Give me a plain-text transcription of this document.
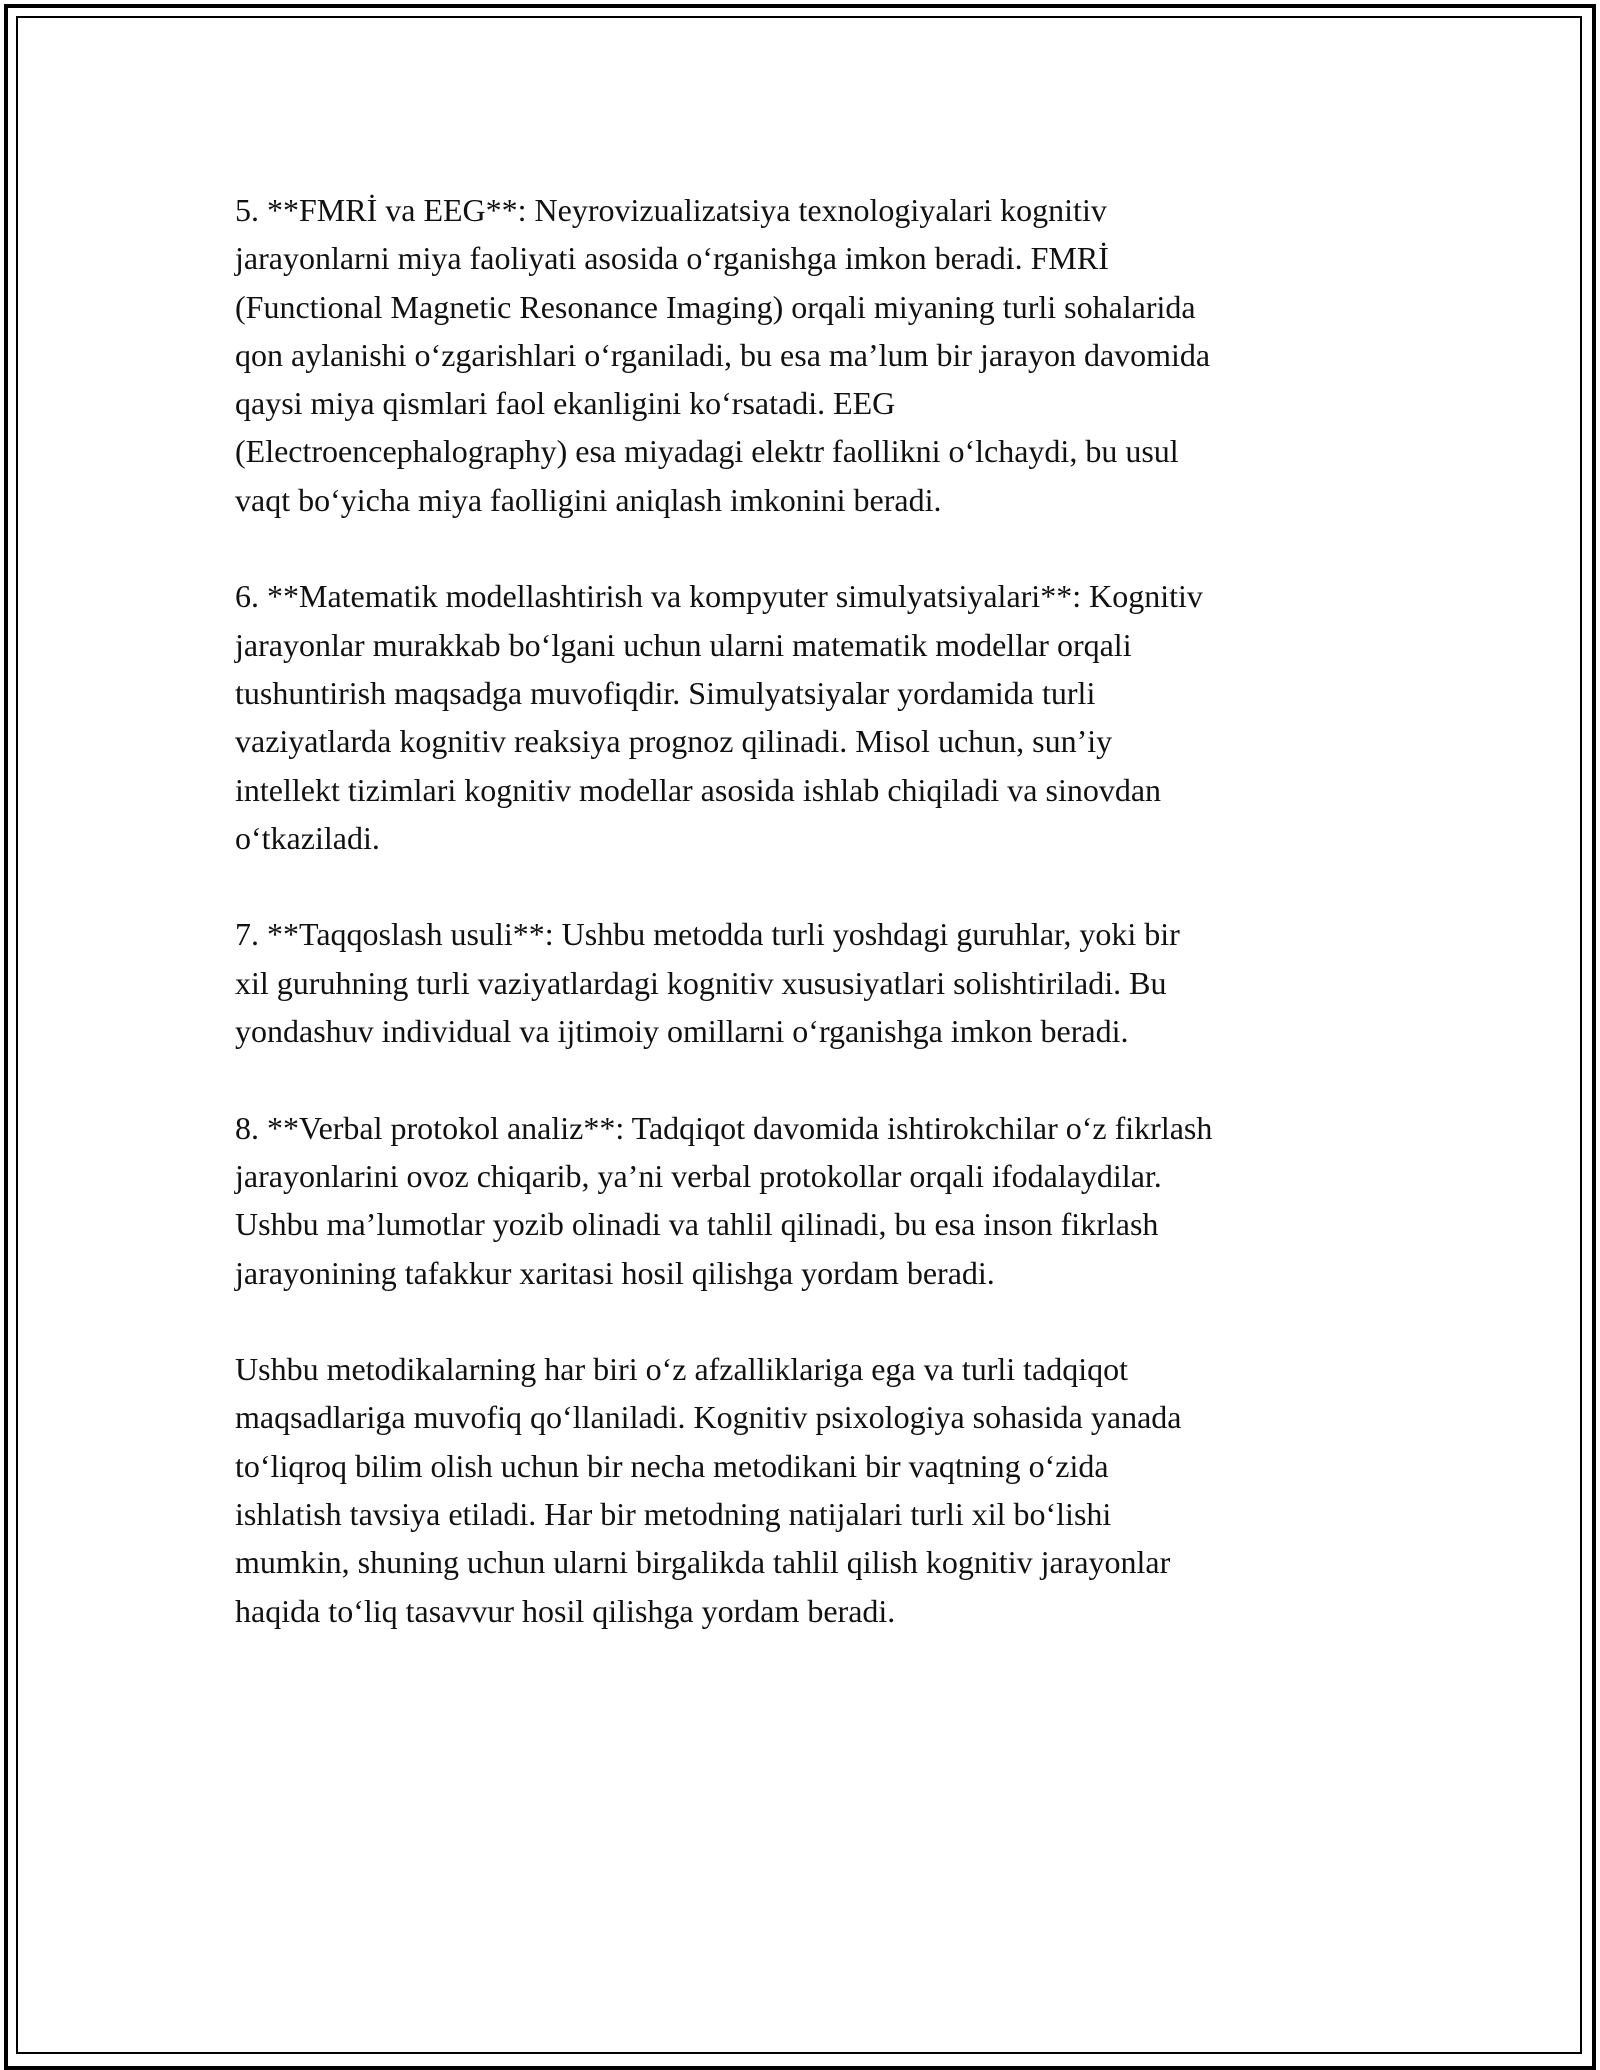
5. **FMRİ va EEG**: Neyrovizualizatsiya texnologiyalari kognitiv
jarayonlarni miya faoliyati asosida o‘rganishga imkon beradi. FMRİ
(Functional Magnetic Resonance Imaging) orqali miyaning turli sohalarida
qon aylanishi o‘zgarishlari o‘rganiladi, bu esa ma’lum bir jarayon davomida
qaysi miya qismlari faol ekanligini ko‘rsatadi. EEG
(Electroencephalography) esa miyadagi elektr faollikni o‘lchaydi, bu usul
vaqt bo‘yicha miya faolligini aniqlash imkonini beradi.

6. **Matematik modellashtirish va kompyuter simulyatsiyalari**: Kognitiv
jarayonlar murakkab bo‘lgani uchun ularni matematik modellar orqali
tushuntirish maqsadga muvofiqdir. Simulyatsiyalar yordamida turli
vaziyatlarda kognitiv reaksiya prognoz qilinadi. Misol uchun, sun’iy
intellekt tizimlari kognitiv modellar asosida ishlab chiqiladi va sinovdan
o‘tkaziladi.

7. **Taqqoslash usuli**: Ushbu metodda turli yoshdagi guruhlar, yoki bir
xil guruhning turli vaziyatlardagi kognitiv xususiyatlari solishtiriladi. Bu
yondashuv individual va ijtimoiy omillarni o‘rganishga imkon beradi.

8. **Verbal protokol analiz**: Tadqiqot davomida ishtirokchilar o‘z fikrlash
jarayonlarini ovoz chiqarib, ya’ni verbal protokollar orqali ifodalaydilar.
Ushbu ma’lumotlar yozib olinadi va tahlil qilinadi, bu esa inson fikrlash
jarayonining tafakkur xaritasi hosil qilishga yordam beradi.

Ushbu metodikalarning har biri o‘z afzalliklariga ega va turli tadqiqot
maqsadlariga muvofiq qo‘llaniladi. Kognitiv psixologiya sohasida yanada
to‘liqroq bilim olish uchun bir necha metodikani bir vaqtning o‘zida
ishlatish tavsiya etiladi. Har bir metodning natijalari turli xil bo‘lishi
mumkin, shuning uchun ularni birgalikda tahlil qilish kognitiv jarayonlar
haqida to‘liq tasavvur hosil qilishga yordam beradi.
